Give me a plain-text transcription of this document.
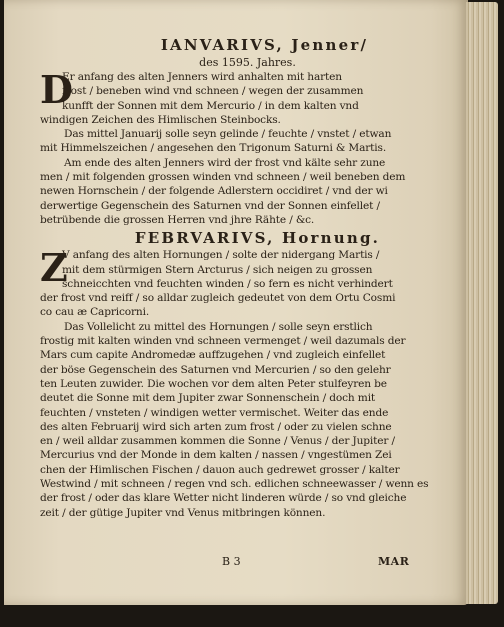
IANVARIVS, Jenner/
des 1595. Jahres.
D
Er anfang des alten Jenners wird anhalten mit harten
frost / beneben wind vnd schneen / wegen der zusammen
kunfft der Sonnen mit dem Mercurio / in dem kalten vnd
windigen Zeichen des Himlischen Steinbocks.
Das mittel Januarij solle seyn gelinde / feuchte / vnstet / etwan
mit Himmelszeichen / angesehen den Trigonum Saturni & Martis.
Am ende des alten Jenners wird der frost vnd kälte sehr zune
men / mit folgenden grossen winden vnd schneen / weil beneben dem
newen Hornschein / der folgende Adlerstern occidiret / vnd der wi
derwertige Gegenschein des Saturnen vnd der Sonnen einfellet /
betrübende die grossen Herren vnd jhre Rähte / &c.
FEBRVARIVS, Hornung.
Z
V anfang des alten Hornungen / solte der nidergang Martis /
mit dem stürmigen Stern Arcturus / sich neigen zu grossen
schneicchten vnd feuchten winden / so fern es nicht verhindert
der frost vnd reiff / so alldar zugleich gedeutet von dem Ortu Cosmi
co cau æ Capricorni.
Das Vollelicht zu mittel des Hornungen / solle seyn erstlich
frostig mit kalten winden vnd schneen vermenget / weil dazumals der
Mars cum capite Andromedæ auffzugehen / vnd zugleich einfellet
der böse Gegenschein des Saturnen vnd Mercurien / so den gelehr
ten Leuten zuwider. Die wochen vor dem alten Peter stulfeyren be
deutet die Sonne mit dem Jupiter zwar Sonnenschein / doch mit
feuchten / vnsteten / windigen wetter vermischet. Weiter das ende
des alten Februarij wird sich arten zum frost / oder zu vielen schne
en / weil alldar zusammen kommen die Sonne / Venus / der Jupiter /
Mercurius vnd der Monde in dem kalten / nassen / vngestümen Zei
chen der Himlischen Fischen / dauon auch gedrewet grosser / kalter
Westwind / mit schneen / regen vnd sch. edlichen schneewasser / wenn es
der frost / oder das klare Wetter nicht linderen würde / so vnd gleiche
zeit / der gütige Jupiter vnd Venus mitbringen können.
B 3	MAR
